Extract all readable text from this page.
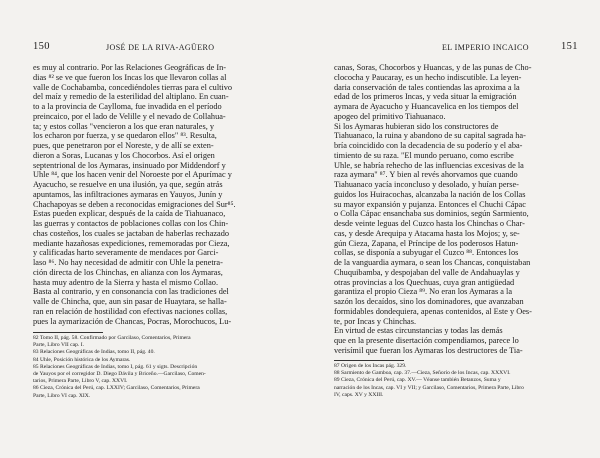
150	JOSÉ DE LA RIVA-AGÜERO
es muy al contrario. Por las Relaciones Geográficas de In-
dias ⁸² se ve que fueron los Incas los que llevaron collas al
valle de Cochabamba, concediéndoles tierras para el cultivo
del maíz y remedio de la esterilidad del altiplano. En cuan-
to a la provincia de Caylloma, fue invadida en el período
preincaico, por el lado de Velille y el nevado de Collahua-
ta; y estos collas "vencieron a los que eran naturales, y
los echaron por fuerza, y se quedaron ellos" ⁸³. Resulta,
pues, que penetraron por el Noreste, y de allí se exten-
dieron a Soras, Lucanas y los Chocorbos. Así el origen
septentrional de los Aymaras, insinuado por Middendorf y
Uhle ⁸⁴, que los hacen venir del Noroeste por el Apurímac y
Ayacucho, se resuelve en una ilusión, ya que, según atrás
apuntamos, las infiltraciones aymaras en Yauyos, Junín y
Chachapoyas se deben a reconocidas emigraciones del Sur⁸⁵.
Estas pueden explicar, después de la caída de Tiahuanaco,
las guerras y contactos de poblaciones collas con los Chin-
chas costeños, los cuales se jactaban de haberlas rechazado
mediante hazañosas expediciones, rememoradas por Cieza,
y calificadas harto severamente de mendaces por Garci-
laso ⁸⁶. No hay necesidad de admitir con Uhle la penetra-
ción directa de los Chinchas, en alianza con los Aymaras,
hasta muy adentro de la Sierra y hasta el mismo Collao.
Basta al contrario, y en consonancia con las tradiciones del
valle de Chincha, que, aun sin pasar de Huaytara, se halla-
ran en relación de hostilidad con efectivas naciones collas,
pues la aymarización de Chancas, Pocras, Morochucos, Lu-
82 Tomo II, pág. 58. Confirmado por Garcilaso, Comentarios, Primera
Parte, Libro VII cap. I.
83 Relaciones Geográficas de Indias, tomo II, pág. 40.
84 Uhle, Posición histórica de los Aymaras.
85 Relaciones Geográficas de Indias, tomo I, pág. 61 y sigts. Descripción
de Yauyos por el corregidor D. Diego Dávila y Briceño.—Garcilaso, Comen-
tarios, Primera Parte, Libro V, cap. XXVI.
86 Cieza, Crónica del Perú, cap. LXXIV; Garcilaso, Comentarios, Primera
Parte, Libro VI cap. XIX.
EL IMPERIO INCAICO	151
canas, Soras, Chocorbos y Huancas, y de las punas de Cho-
clococha y Paucaray, es un hecho indiscutible. La leyen-
daria conservación de tales contiendas las aproxima a la
edad de los primeros Incas, y veda situar la emigración
aymara de Ayacucho y Huancavelica en los tiempos del
apogeo del primitivo Tiahuanaco.
Si los Aymaras hubieran sido los constructores de
Tiahuanaco, la ruina y abandono de su capital sagrada ha-
bría coincidido con la decadencia de su poderío y el aba-
timiento de su raza. "El mundo peruano, como escribe
Uhle, se habría rehecho de las influencias excesivas de la
raza aymara" ⁸⁷. Y bien al revés ahorvamos que cuando
Tiahuanaco yacía inconcluso y desolado, y huían perse-
guidos los Huiracochas, alcanzaba la nación de los Collas
su mayor expansión y pujanza. Entonces el Chuchi Cápac
o Colla Cápac ensanchaba sus dominios, según Sarmiento,
desde veinte leguas del Cuzco hasta los Chinchas o Char-
cas, y desde Arequipa y Atacama hasta los Mojos; y, se-
gún Cieza, Zapana, el Príncipe de los poderosos Hatun-
collas, se disponía a subyugar el Cuzco ⁸⁸. Entonces los
de la vanguardia aymara, o sean los Chancas, conquistaban
Chuquibamba, y despojaban del valle de Andahuaylas y
otras provincias a los Quechuas, cuya gran antigüedad
garantiza el propio Cieza ⁸⁹. No eran los Aymaras a la
sazón los decaídos, sino los dominadores, que avanzaban
formidables dondequiera, apenas contenidos, al Este y Oes-
te, por Incas y Chinchas.
En virtud de estas circunstancias y todas las demás
que en la presente disertación compendiamos, parece lo
verisímil que fueran los Aymaras los destructores de Tia-
87 Origen de los Incas pág. 329.
88 Sarmiento de Gamboa, cap. 37.—Cieza, Señorío de los Incas, cap. XXXVI.
89 Cieza, Crónica del Perú, cap. XV.— Véanse también Betanzos, Suma y
narración de los Incas, cap. VI y VII; y Garcilaso, Comentarios, Primera Parte, Libro
IV, caps. XV y XXIII.
